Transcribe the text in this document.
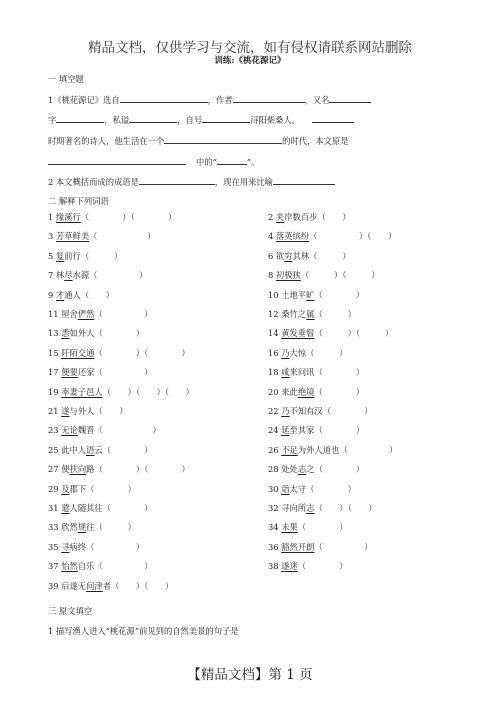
精品文档，仅供学习与交流，如有侵权请联系网站删除
训练:《桃花源记》
一 填空题
1《桃花源记》选自	，作者	，又名
字	，私谥	，自号	浔阳柴桑人，
时期著名的诗人，他生活在一个	的时代，本文原是
中的“	”。
2 本文概括而成的成语是	，现在用来比喻
二 解释下列词语
1 缘溪行（　　　　）（　　　　）	2 夹岸数百步（　　）
3 芳草鲜美（　　　　　　）	4 落英缤纷（　　　　　）（　　）
5 复前行（　　　）	6 欲穷其林（　　　）
7 林尽水源（　　　　　）	8 初极狭（　　　）（　　　）
9 才通人（　　）	10 土地平旷（　　　　）
11 屋舍俨然（　　　　　）	12 桑竹之属（　　　）
13 悉如外人（　　　　）	14 黄发垂髫（　　　）（　　　）
15 阡陌交通（　　　　）（　　　　）	16 乃大惊（　　　）
17 便要还家（　　　　　）	18 咸来问讯（　　　　）
19 率妻子邑人（　　）（　　）（　　）	20 来此绝境（　　　　）
21 遂与外人（　　）	22 乃不知有汉（　　　　）
23 无论魏晋（　　　　　　）	24 延至其家（　　　　）
25 此中人语云（　　　　）	26 不足为外人道也（　　　　　）
27 便扶向路（　　　　）（　　　　）	28 处处志之（　　　　）
29 及郡下（　　　　）	30 诣太守（　　　　）
31 遣人随其往（　　　　）	32 寻向所志（　　）（　　）
33 欣然规往（　　　）	34 未果（　　　　）
35 寻病终（　　　　　）	36 豁然开朗（　　　　　）
37 怡然自乐（　　　　　）	38 遂迷（　　　　）
39 后遂无问津者（　　）（　　）
三 原文填空
1 描写渔人进入“桃花源”前见到的自然美景的句子是
【精品文档】第 1 页
